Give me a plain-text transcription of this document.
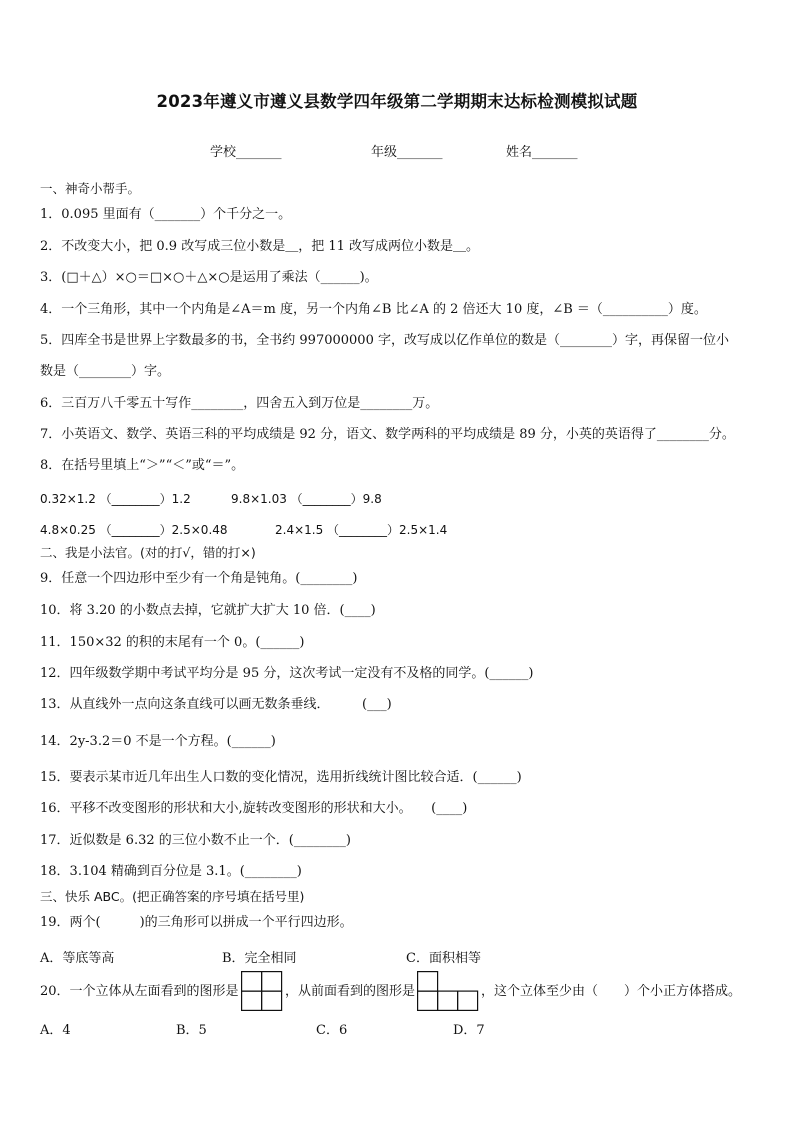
2023年遵义市遵义县数学四年级第二学期期末达标检测模拟试题
学校_______	年级_______	姓名_______
一、神奇小帮手。
1．0.095 里面有（_______）个千分之一。
2．不改变大小，把 0.9 改写成三位小数是＿，把 11 改写成两位小数是＿。
3．(□＋△）×○＝□×○＋△×○是运用了乘法（______)。
4．一个三角形，其中一个内角是∠A＝m 度，另一个内角∠B 比∠A 的 2 倍还大 10 度，∠B ＝（__________）度。
5．四库全书是世界上字数最多的书，全书约 997000000 字，改写成以亿作单位的数是（________）字，再保留一位小
数是（________）字。
6．三百万八千零五十写作________，四舍五入到万位是________万。
7．小英语文、数学、英语三科的平均成绩是 92 分，语文、数学两科的平均成绩是 89 分，小英的英语得了________分。
8．在括号里填上“＞”“＜”或“＝”。
0.32×1.2 （________）1.2	9.8×1.03 （________）9.8
4.8×0.25 （________）2.5×0.48	2.4×1.5 （________）2.5×1.4
二、我是小法官。(对的打√，错的打×)
9．任意一个四边形中至少有一个角是钝角。(________)
10．将 3.20 的小数点去掉，它就扩大扩大 10 倍．(____)
11．150×32 的积的末尾有一个 0。(______)
12．四年级数学期中考试平均分是 95 分，这次考试一定没有不及格的同学。(______)
13．从直线外一点向这条直线可以画无数条垂线．　　　(___)
14．2y-3.2＝0 不是一个方程。(______)
15．要表示某市近几年出生人口数的变化情况，选用折线统计图比较合适．(______)
16．平移不改变图形的形状和大小,旋转改变图形的形状和大小。　　(____)
17．近似数是 6.32 的三位小数不止一个．(________)
18．3.104 精确到百分位是 3.1。(________)
三、快乐 ABC。(把正确答案的序号填在括号里)
19．两个(　　　)的三角形可以拼成一个平行四边形。
A．等底等高	B．完全相同	C．面积相等
20．一个立体从左面看到的图形是	，从前面看到的图形是	，这个立体至少由（　　）个小正方体搭成。
A．4	B．5	C．6	D．7
